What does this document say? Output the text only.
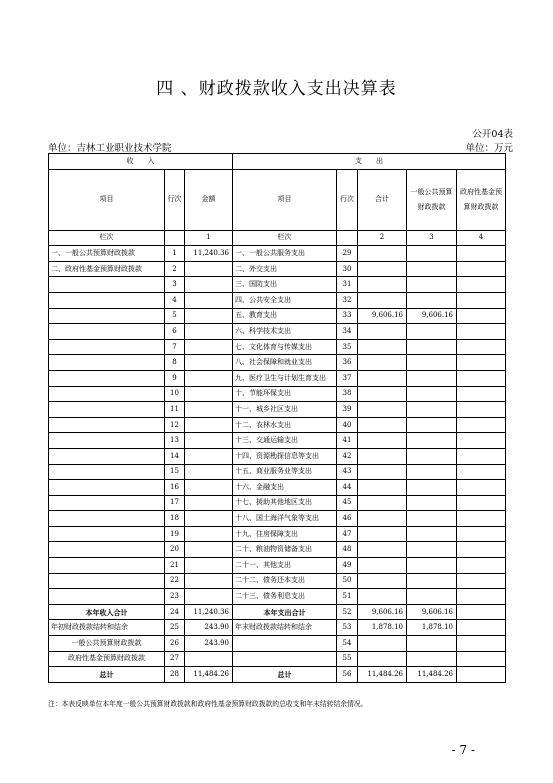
四 、财政拨款收入支出决算表
公开04表
单位：吉林工业职业技术学院	单位：万元
收　　入			支　　出				
项目	行次	金额	项目	行次	合计	一般公共预算财政拨款	政府性基金预算财政拨款
栏次		1	栏次		2	3	4
一、一般公共预算财政拨款	1	11,240.36	一、一般公共服务支出	29			
二、政府性基金预算财政拨款	2		二、外交支出	30			
	3		三、国防支出	31			
	4		四、公共安全支出	32			
	5		五、教育支出	33	9,606.16	9,606.16	
	6		六、科学技术支出	34			
	7		七、文化体育与传媒支出	35			
	8		八、社会保障和就业支出	36			
	9		九、医疗卫生与计划生育支出	37			
	10		十、节能环保支出	38			
	11		十一、城乡社区支出	39			
	12		十二、农林水支出	40			
	13		十三、交通运输支出	41			
	14		十四、资源勘探信息等支出	42			
	15		十五、商业服务业等支出	43			
	16		十六、金融支出	44			
	17		十七、援助其他地区支出	45			
	18		十八、国土海洋气象等支出	46			
	19		十九、住房保障支出	47			
	20		二十、粮油物资储备支出	48			
	21		二十一、其他支出	49			
	22		二十二、债务还本支出	50			
	23		二十三、债务利息支出	51			
本年收入合计	24	11,240.36	本年支出合计	52	9,606.16	9,606.16	
年初财政拨款结转和结余	25	243.90	年末财政拨款结转和结余	53	1,878.10	1,878.10	
一般公共预算财政拨款	26	243.90		54			
政府性基金预算财政拨款	27			55			
总计	28	11,484.26	总计	56	11,484.26	11,484.26	
注：本表反映单位本年度一般公共预算财政拨款和政府性基金预算财政拨款的总收支和年末结转结余情况。
- 7 -
